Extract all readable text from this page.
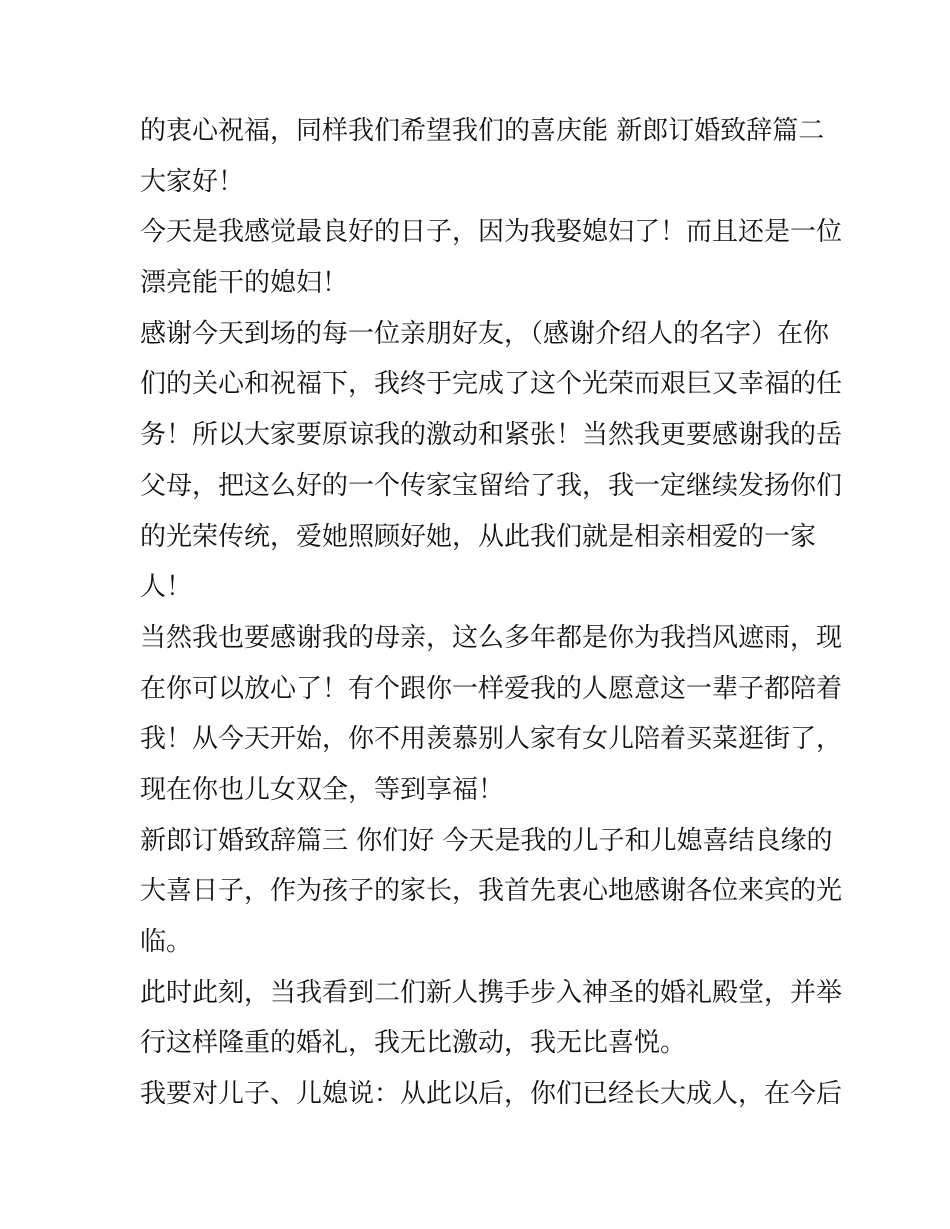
的衷心祝福，同样我们希望我们的喜庆能 新郎订婚致辞篇二
大家好！
今天是我感觉最良好的日子，因为我娶媳妇了！而且还是一位
漂亮能干的媳妇！
感谢今天到场的每一位亲朋好友，（感谢介绍人的名字）在你
们的关心和祝福下，我终于完成了这个光荣而艰巨又幸福的任
务！所以大家要原谅我的激动和紧张！当然我更要感谢我的岳
父母，把这么好的一个传家宝留给了我，我一定继续发扬你们
的光荣传统，爱她照顾好她，从此我们就是相亲相爱的一家
人！
当然我也要感谢我的母亲，这么多年都是你为我挡风遮雨，现
在你可以放心了！有个跟你一样爱我的人愿意这一辈子都陪着
我！从今天开始，你不用羡慕别人家有女儿陪着买菜逛街了，
现在你也儿女双全，等到享福！
新郎订婚致辞篇三 你们好 今天是我的儿子和儿媳喜结良缘的
大喜日子，作为孩子的家长，我首先衷心地感谢各位来宾的光
临。
此时此刻，当我看到二们新人携手步入神圣的婚礼殿堂，并举
行这样隆重的婚礼，我无比激动，我无比喜悦。
我要对儿子、儿媳说：从此以后，你们已经长大成人，在今后
